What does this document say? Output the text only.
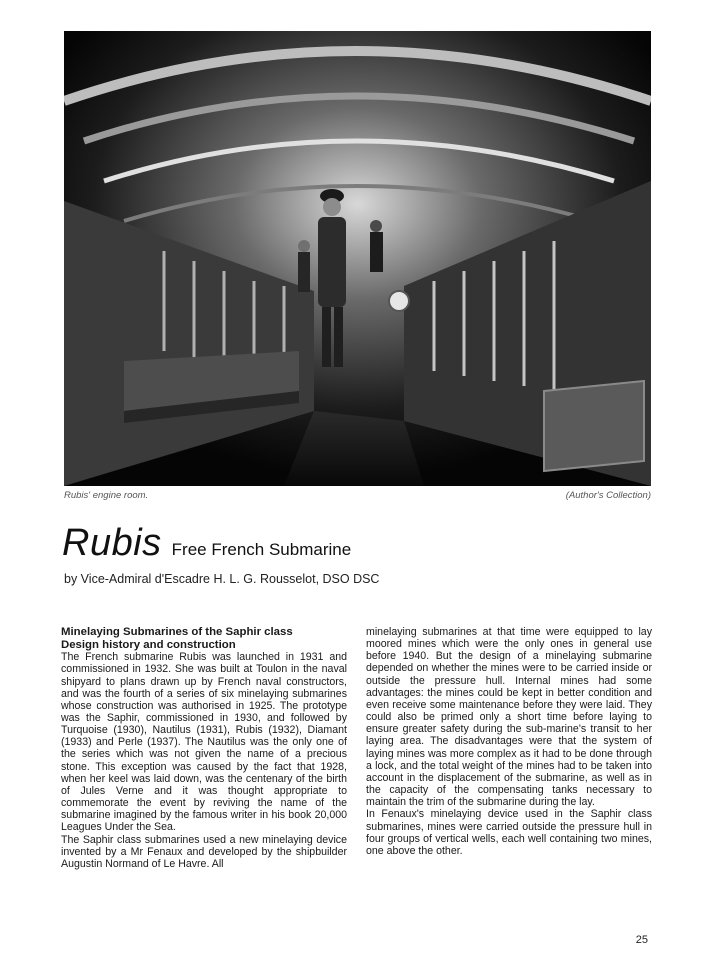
Rubis' engine room.	(Author's Collection)
Rubis Free French Submarine
by Vice-Admiral d'Escadre H. L. G. Rousselot, DSO DSC

Minelaying Submarines of the Saphir class

Design history and construction

The French submarine Rubis was launched in 1931 and commissioned in 1932. She was built at Toulon in the naval shipyard to plans drawn up by French naval constructors, and was the fourth of a series of six minelaying submarines whose construction was authorised in 1925. The prototype was the Saphir, commissioned in 1930, and followed by Turquoise (1930), Nautilus (1931), Rubis (1932), Diamant (1933) and Perle (1937). The Nautilus was the only one of the series which was not given the name of a precious stone. This exception was caused by the fact that 1928, when her keel was laid down, was the centenary of the birth of Jules Verne and it was thought appropriate to commemorate the event by reviving the name of the submarine imagined by the famous writer in his book 20,000 Leagues Under the Sea.

The Saphir class submarines used a new minelaying device invented by a Mr Fenaux and developed by the shipbuilder Augustin Normand of Le Havre. All

minelaying submarines at that time were equipped to lay moored mines which were the only ones in general use before 1940. But the design of a minelaying submarine depended on whether the mines were to be carried inside or outside the pressure hull. Internal mines had some advantages: the mines could be kept in better condition and even receive some maintenance before they were laid. They could also be primed only a short time before laying to ensure greater safety during the sub-marine's transit to her laying area. The disadvantages were that the system of laying mines was more complex as it had to be done through a lock, and the total weight of the mines had to be taken into account in the displacement of the submarine, as well as in the capacity of the compensating tanks necessary to maintain the trim of the submarine during the lay.

In Fenaux's minelaying device used in the Saphir class submarines, mines were carried outside the pressure hull in four groups of vertical wells, each well containing two mines, one above the other.

25
